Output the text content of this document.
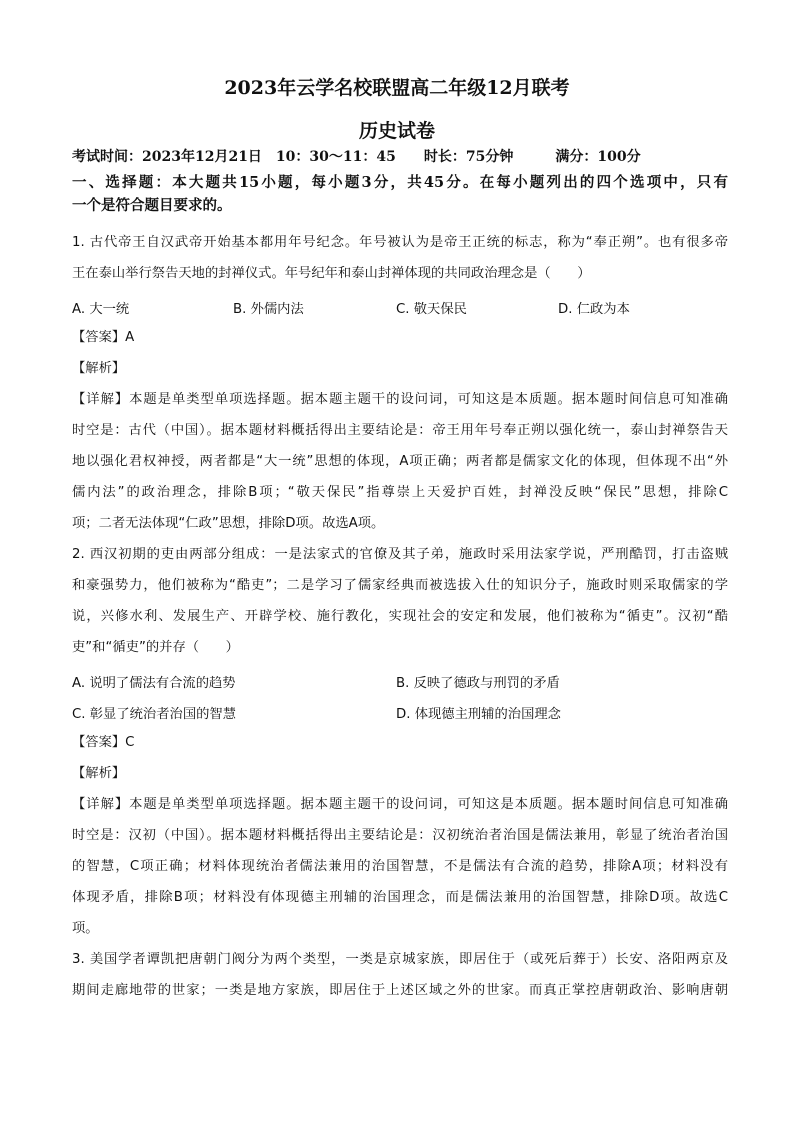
2023年云学名校联盟高二年级12月联考
历史试卷
考试时间：2023年12月21日　10：30～11：45　　时长：75分钟　　　满分：100分
一、选择题：本大题共15小题，每小题3分，共45分。在每小题列出的四个选项中，只有
一个是符合题目要求的。
1. 古代帝王自汉武帝开始基本都用年号纪念。年号被认为是帝王正统的标志，称为“奉正朔”。也有很多帝
王在泰山举行祭告天地的封禅仪式。年号纪年和泰山封禅体现的共同政治理念是（　　）
A. 大一统	B. 外儒内法	C. 敬天保民	D. 仁政为本
【答案】A
【解析】
【详解】本题是单类型单项选择题。据本题主题干的设问词，可知这是本质题。据本题时间信息可知准确
时空是：古代（中国）。据本题材料概括得出主要结论是：帝王用年号奉正朔以强化统一，泰山封禅祭告天
地以强化君权神授，两者都是“大一统”思想的体现，A项正确；两者都是儒家文化的体现，但体现不出“外
儒内法”的政治理念，排除B项；“敬天保民”指尊崇上天爱护百姓，封禅没反映“保民”思想，排除C
项；二者无法体现“仁政”思想，排除D项。故选A项。
2. 西汉初期的吏由两部分组成：一是法家式的官僚及其子弟，施政时采用法家学说，严刑酷罚，打击盗贼
和豪强势力，他们被称为“酷吏”；二是学习了儒家经典而被选拔入仕的知识分子，施政时则采取儒家的学
说，兴修水利、发展生产、开辟学校、施行教化，实现社会的安定和发展，他们被称为“循吏”。汉初“酷
吏”和“循吏”的并存（　　）
A. 说明了儒法有合流的趋势	B. 反映了德政与刑罚的矛盾
C. 彰显了统治者治国的智慧	D. 体现德主刑辅的治国理念
【答案】C
【解析】
【详解】本题是单类型单项选择题。据本题主题干的设问词，可知这是本质题。据本题时间信息可知准确
时空是：汉初（中国）。据本题材料概括得出主要结论是：汉初统治者治国是儒法兼用，彰显了统治者治国
的智慧，C项正确；材料体现统治者儒法兼用的治国智慧，不是儒法有合流的趋势，排除A项；材料没有
体现矛盾，排除B项；材料没有体现德主刑辅的治国理念，而是儒法兼用的治国智慧，排除D项。故选C
项。
3. 美国学者谭凯把唐朝门阀分为两个类型，一类是京城家族，即居住于（或死后葬于）长安、洛阳两京及
期间走廊地带的世家；一类是地方家族，即居住于上述区域之外的世家。而真正掌控唐朝政治、影响唐朝
